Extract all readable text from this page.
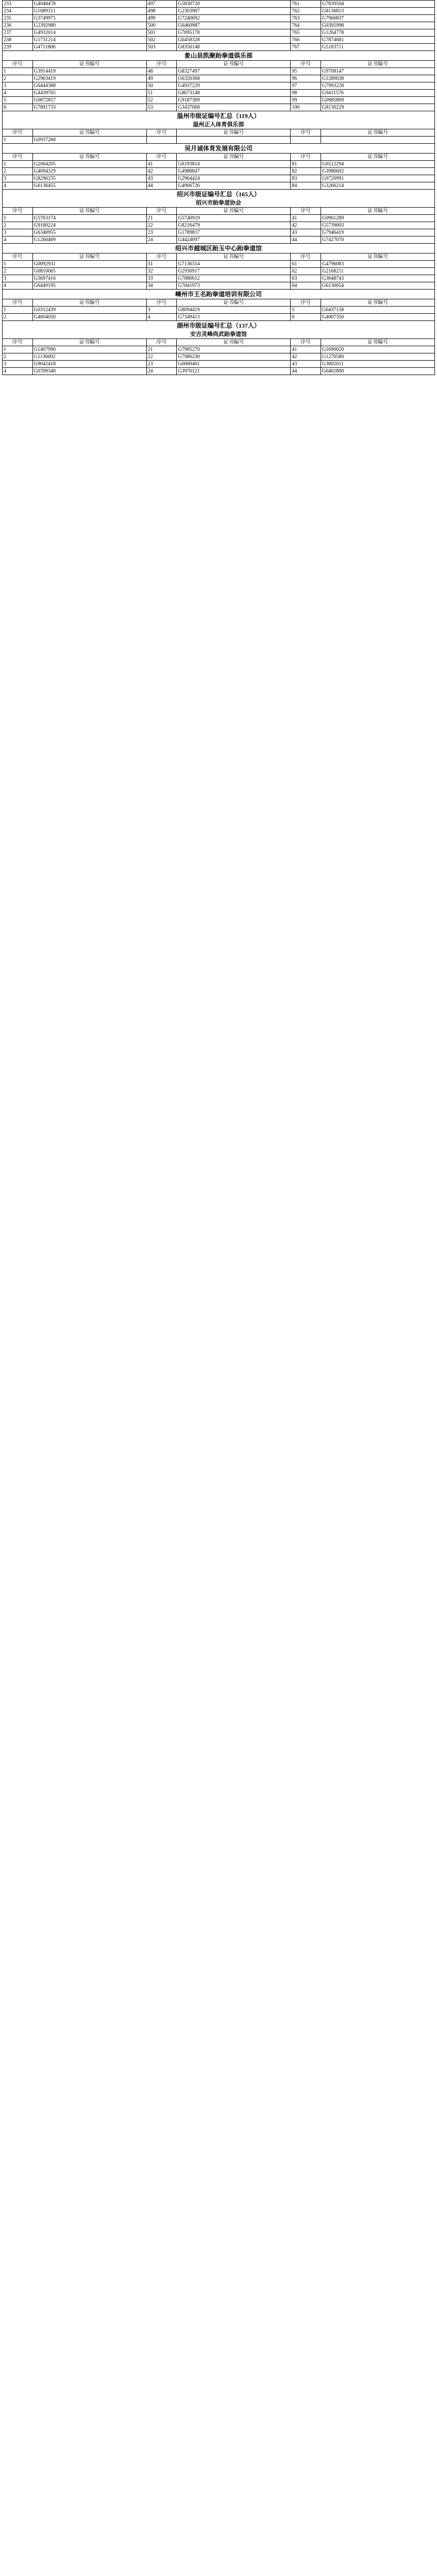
233	G4048478	497	G5830720	761	G7839504
234	G1689311	498	G2303967	762	G8136813
235	G3749971	499	G7240692	763	G7966837
236	G2392980	500	G6460987	764	G0392998
237	G4932014	501	G7095178	765	G1264778
238	G1731214	502	G6458328	766	G7874681
239	G4711806	503	G8356148	767	G5183711
象山县凯聚跆拳道俱乐部
序号	证书编号	序号	证书编号	序号	证书编号
1	G3914419	48	G8327497	95	G9708147
2	G2963419	49	G6326368	96	G1280038
3	G6444388	50	G4937229	97	G7993228
4	G4439705	51	G8673148	98	G9411576
5	G0872857	52	G9187309	99	G0985809
6	G7891733	53	G3437068	100	G8130229
温州市级证编号汇总（119人）
温州正人体育俱乐部
序号	证书编号	序号	证书编号	序号	证书编号
1	G0937260				
吴月诚体育发展有限公司
序号	证书编号	序号	证书编号	序号	证书编号
1	G2064205	41	G6193814	81	G6512294
2	G4094329	42	G4988847	82	G3986602
3	G8296235	43	G2964424	83	G9720991
4	G6136455	44	G4966726	84	G3266214
绍兴市级证编号汇总（165人）
绍兴市跆拳道协会
序号	证书编号	序号	证书编号	序号	证书编号
1	G5763174	21	G5740919	41	G0961289
2	G9180224	22	G8216479	42	G5739003
3	G6340955	23	G1789817	43	G7946419
4	G1260409	24	G4424097	44	G7427070
绍兴市越城区跆玉中心跆拳道馆
序号	证书编号	序号	证书编号	序号	证书编号
1	G0092931	31	G7136314	61	G4796083
2	G0810065	32	G2930917	62	G2168211
3	G3697416	33	G7880612	63	G3648743
4	G6449195	34	G7041973	64	G6130054
嵊州市王名跆拳道培训有限公司
序号	证书编号	序号	证书编号	序号	证书编号
1	G0312439	3	G8094419	5	G6437158
2	G4604050	4	G7349413	6	G4007350
湖州市级证编号汇总（137人）
安吉灵峰尚武跆拳道馆
序号	证书编号	序号	证书编号	序号	证书编号
1	G1407990	21	G7905270	41	G1690020
2	G1136002	22	G7986230	42	G1270580
3	G9042418	23	G6000401	43	G3002011
4	G0709340	24	G3970121	44	G6401800
